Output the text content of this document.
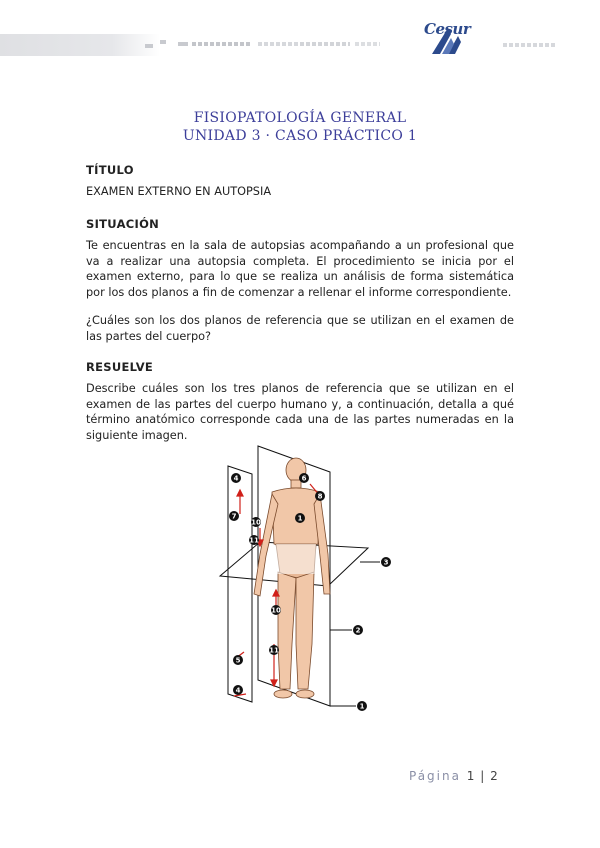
Cesur
FISIOPATOLOGÍA GENERAL
UNIDAD 3 · CASO PRÁCTICO 1
TÍTULO
EXAMEN EXTERNO EN AUTOPSIA
SITUACIÓN
Te encuentras en la sala de autopsias acompañando a un profesional que va a realizar una autopsia completa. El procedimiento se inicia por el examen externo, para lo que se realiza un análisis de forma sistemática por los dos planos a fin de comenzar a rellenar el informe correspondiente.
¿Cuáles son los dos planos de referencia que se utilizan en el examen de las partes del cuerpo?
RESUELVE
Describe cuáles son los tres planos de referencia que se utilizan en el examen de las partes del cuerpo humano y, a continuación, detalla a qué término anatómico corresponde cada una de las partes numeradas en la siguiente imagen.
4	6
8
7
10	1
11
3
10
2
11
5
4
1
Página 1 | 2
